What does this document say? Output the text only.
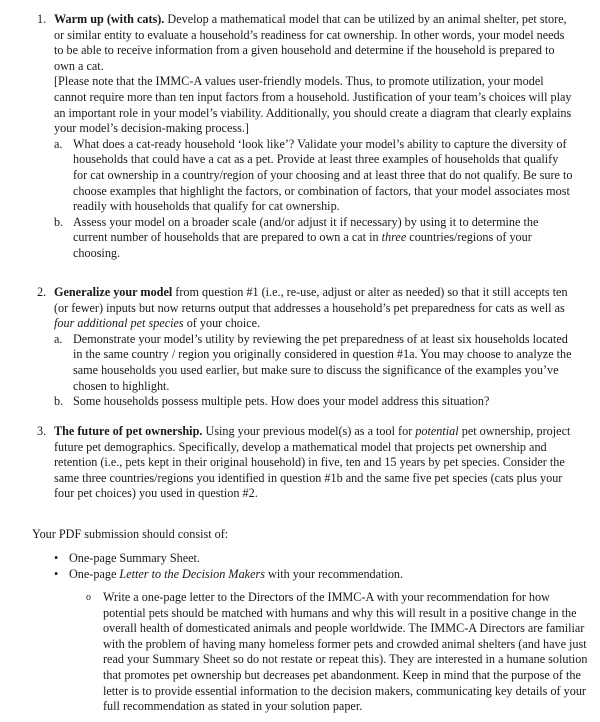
1. Warm up (with cats). Develop a mathematical model that can be utilized by an animal shelter, pet store, or similar entity to evaluate a household’s readiness for cat ownership. In other words, your model needs to be able to receive information from a given household and determine if the household is prepared to own a cat.
[Please note that the IMMC-A values user-friendly models. Thus, to promote utilization, your model cannot require more than ten input factors from a household. Justification of your team’s choices will play an important role in your model’s viability. Additionally, you should create a diagram that clearly explains your model’s decision-making process.]
a. What does a cat-ready household ‘look like’? Validate your model’s ability to capture the diversity of households that could have a cat as a pet. Provide at least three examples of households that qualify for cat ownership in a country/region of your choosing and at least three that do not qualify. Be sure to choose examples that highlight the factors, or combination of factors, that your model associates most readily with households that qualify for cat ownership.
b. Assess your model on a broader scale (and/or adjust it if necessary) by using it to determine the current number of households that are prepared to own a cat in three countries/regions of your choosing.
2. Generalize your model from question #1 (i.e., re-use, adjust or alter as needed) so that it still accepts ten (or fewer) inputs but now returns output that addresses a household’s pet preparedness for cats as well as four additional pet species of your choice.
a. Demonstrate your model’s utility by reviewing the pet preparedness of at least six households located in the same country / region you originally considered in question #1a. You may choose to analyze the same households you used earlier, but make sure to discuss the significance of the examples you’ve chosen to highlight.
b. Some households possess multiple pets. How does your model address this situation?
3. The future of pet ownership. Using your previous model(s) as a tool for potential pet ownership, project future pet demographics. Specifically, develop a mathematical model that projects pet ownership and retention (i.e., pets kept in their original household) in five, ten and 15 years by pet species. Consider the same three countries/regions you identified in question #1b and the same five pet species (cats plus your four pet choices) you used in question #2.
Your PDF submission should consist of:
• One-page Summary Sheet.
• One-page Letter to the Decision Makers with your recommendation.
o Write a one-page letter to the Directors of the IMMC-A with your recommendation for how potential pets should be matched with humans and why this will result in a positive change in the overall health of domesticated animals and people worldwide. The IMMC-A Directors are familiar with the problem of having many homeless former pets and crowded animal shelters (and have just read your Summary Sheet so do not restate or repeat this). They are interested in a humane solution that promotes pet ownership but decreases pet abandonment. Keep in mind that the purpose of the letter is to provide essential information to the decision makers, communicating key details of your full recommendation as stated in your solution paper.
